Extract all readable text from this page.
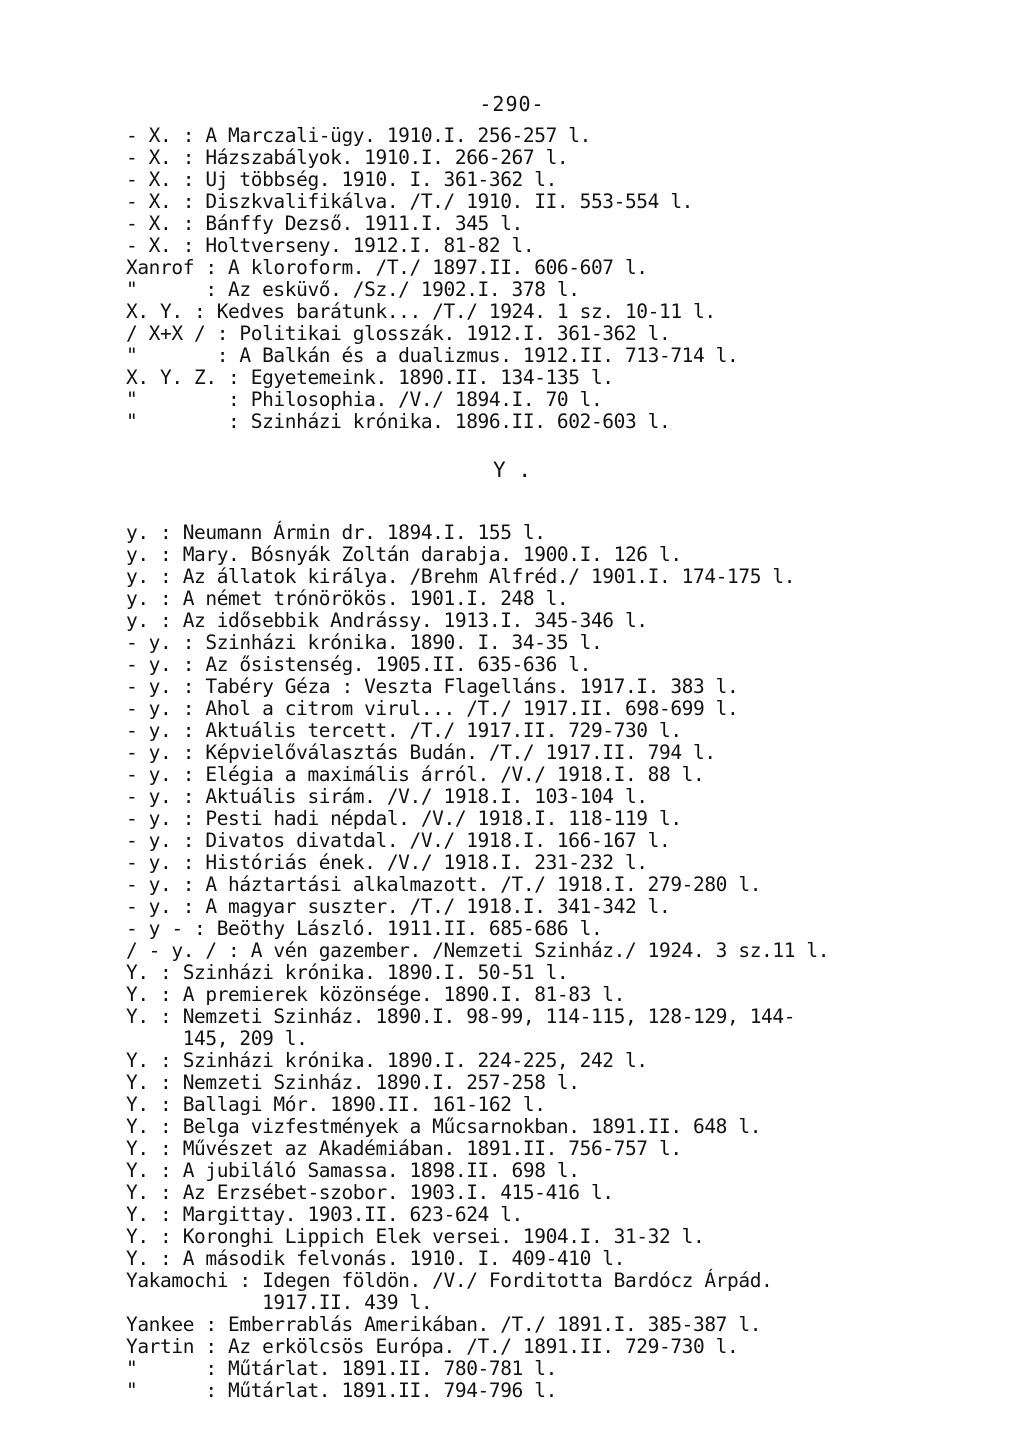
-290-
- X. : A Marczali-ügy. 1910.I. 256-257 l.
- X. : Házszabályok. 1910.I. 266-267 l.
- X. : Uj többség. 1910. I. 361-362 l.
- X. : Diszkvalifikálva. /T./ 1910. II. 553-554 l.
- X. : Bánffy Dezső. 1911.I. 345 l.
- X. : Holtverseny. 1912.I. 81-82 l.
Xanrof : A kloroform. /T./ 1897.II. 606-607 l.
"      : Az esküvő. /Sz./ 1902.I. 378 l.
X. Y. : Kedves barátunk... /T./ 1924. 1 sz. 10-11 l.
/ X+X / : Politikai glosszák. 1912.I. 361-362 l.
"       : A Balkán és a dualizmus. 1912.II. 713-714 l.
X. Y. Z. : Egyetemeink. 1890.II. 134-135 l.
"        : Philosophia. /V./ 1894.I. 70 l.
"        : Szinházi krónika. 1896.II. 602-603 l.
Y .
y. : Neumann Ármin dr. 1894.I. 155 l.
y. : Mary. Bósnyák Zoltán darabja. 1900.I. 126 l.
y. : Az állatok királya. /Brehm Alfréd./ 1901.I. 174-175 l.
y. : A német trónörökös. 1901.I. 248 l.
y. : Az idősebbik Andrássy. 1913.I. 345-346 l.
- y. : Szinházi krónika. 1890. I. 34-35 l.
- y. : Az ősistenség. 1905.II. 635-636 l.
- y. : Tabéry Géza : Veszta Flagelláns. 1917.I. 383 l.
- y. : Ahol a citrom virul... /T./ 1917.II. 698-699 l.
- y. : Aktuális tercett. /T./ 1917.II. 729-730 l.
- y. : Képvielőválasztás Budán. /T./ 1917.II. 794 l.
- y. : Elégia a maximális árról. /V./ 1918.I. 88 l.
- y. : Aktuális sirám. /V./ 1918.I. 103-104 l.
- y. : Pesti hadi népdal. /V./ 1918.I. 118-119 l.
- y. : Divatos divatdal. /V./ 1918.I. 166-167 l.
- y. : Históriás ének. /V./ 1918.I. 231-232 l.
- y. : A háztartási alkalmazott. /T./ 1918.I. 279-280 l.
- y. : A magyar suszter. /T./ 1918.I. 341-342 l.
- y - : Beöthy László. 1911.II. 685-686 l.
/ - y. / : A vén gazember. /Nemzeti Szinház./ 1924. 3 sz.11 l.
Y. : Szinházi krónika. 1890.I. 50-51 l.
Y. : A premierek közönsége. 1890.I. 81-83 l.
Y. : Nemzeti Szinház. 1890.I. 98-99, 114-115, 128-129, 144-
145, 209 l.
Y. : Szinházi krónika. 1890.I. 224-225, 242 l.
Y. : Nemzeti Szinház. 1890.I. 257-258 l.
Y. : Ballagi Mór. 1890.II. 161-162 l.
Y. : Belga vizfestmények a Műcsarnokban. 1891.II. 648 l.
Y. : Művészet az Akadémiában. 1891.II. 756-757 l.
Y. : A jubiláló Samassa. 1898.II. 698 l.
Y. : Az Erzsébet-szobor. 1903.I. 415-416 l.
Y. : Margittay. 1903.II. 623-624 l.
Y. : Koronghi Lippich Elek versei. 1904.I. 31-32 l.
Y. : A második felvonás. 1910. I. 409-410 l.
Yakamochi : Idegen földön. /V./ Forditotta Bardócz Árpád.
1917.II. 439 l.
Yankee : Emberrablás Amerikában. /T./ 1891.I. 385-387 l.
Yartin : Az erkölcsös Európa. /T./ 1891.II. 729-730 l.
"      : Műtárlat. 1891.II. 780-781 l.
"      : Műtárlat. 1891.II. 794-796 l.
